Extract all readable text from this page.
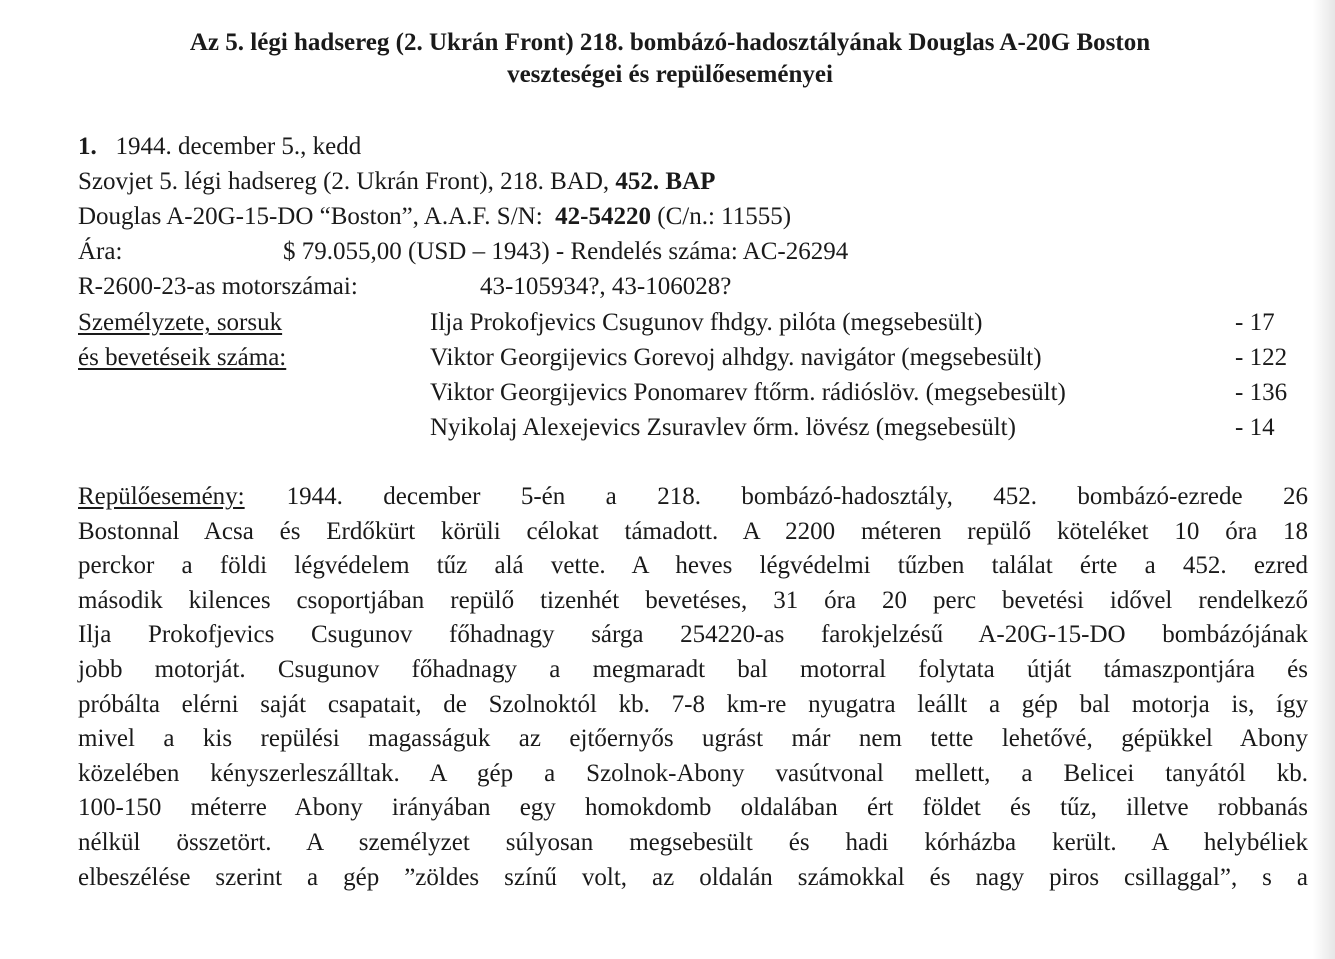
Az 5. légi hadsereg (2. Ukrán Front) 218. bombázó-hadosztályának Douglas A-20G Boston
veszteségei és repülőeseményei
1. 1944. december 5., kedd
Szovjet 5. légi hadsereg (2. Ukrán Front), 218. BAD, 452. BAP
Douglas A-20G-15-DO “Boston”, A.A.F. S/N: 42-54220 (C/n.: 11555)
Ára:	$ 79.055,00 (USD – 1943) - Rendelés száma: AC-26294
R-2600-23-as motorszámai:	43-105934?, 43-106028?
Személyzete, sorsuk
és bevetéseik száma:
Ilja Prokofjevics Csugunov fhdgy. pilóta (megsebesült)	- 17
Viktor Georgijevics Gorevoj alhdgy. navigátor (megsebesült)	- 122
Viktor Georgijevics Ponomarev ftőrm. rádióslöv. (megsebesült)	- 136
Nyikolaj Alexejevics Zsuravlev őrm. lövész (megsebesült)	- 14
Repülőesemény: 1944. december 5-én a 218. bombázó-hadosztály, 452. bombázó-ezrede 26
Bostonnal Acsa és Erdőkürt körüli célokat támadott. A 2200 méteren repülő köteléket 10 óra 18
perckor a földi légvédelem tűz alá vette. A heves légvédelmi tűzben találat érte a 452. ezred
második kilences csoportjában repülő tizenhét bevetéses, 31 óra 20 perc bevetési idővel rendelkező
Ilja Prokofjevics Csugunov főhadnagy sárga 254220-as farokjelzésű A-20G-15-DO bombázójának
jobb motorját. Csugunov főhadnagy a megmaradt bal motorral folytata útját támaszpontjára és
próbálta elérni saját csapatait, de Szolnoktól kb. 7-8 km-re nyugatra leállt a gép bal motorja is, így
mivel a kis repülési magasságuk az ejtőernyős ugrást már nem tette lehetővé, gépükkel Abony
közelében kényszerleszálltak. A gép a Szolnok-Abony vasútvonal mellett, a Belicei tanyától kb.
100-150 méterre Abony irányában egy homokdomb oldalában ért földet és tűz, illetve robbanás
nélkül összetört. A személyzet súlyosan megsebesült és hadi kórházba került. A helybéliek
elbeszélése szerint a gép ”zöldes színű volt, az oldalán számokkal és nagy piros csillaggal”, s a
